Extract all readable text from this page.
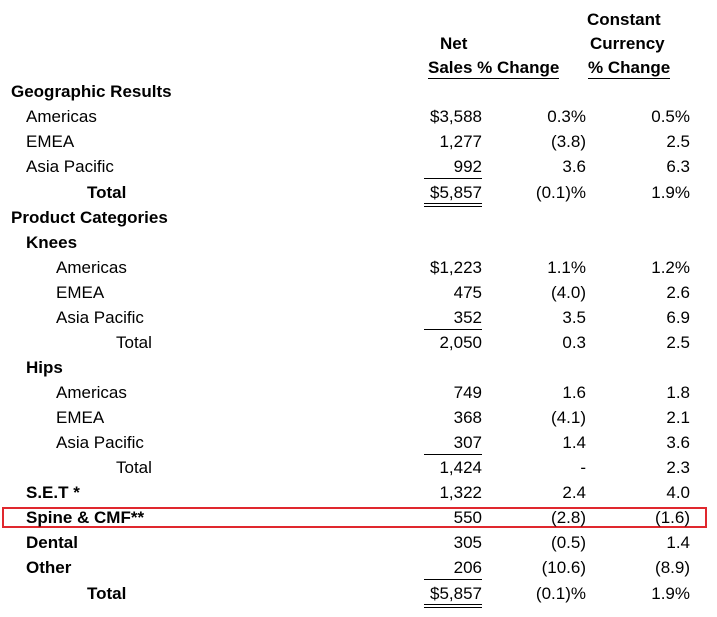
Net
Sales % Change
Constant
Currency
% Change
Geographic Results
Americas	$3,588	0.3%	0.5%
EMEA	1,277	(3.8)	2.5
Asia Pacific	992	3.6	6.3
Total	$5,857	(0.1)%	1.9%
Product Categories
Knees
Americas	$1,223	1.1%	1.2%
EMEA	475	(4.0)	2.6
Asia Pacific	352	3.5	6.9
Total	2,050	0.3	2.5
Hips
Americas	749	1.6	1.8
EMEA	368	(4.1)	2.1
Asia Pacific	307	1.4	3.6
Total	1,424	-	2.3
S.E.T *	1,322	2.4	4.0
Spine & CMF**	550	(2.8)	(1.6)
Dental	305	(0.5)	1.4
Other	206	(10.6)	(8.9)
Total	$5,857	(0.1)%	1.9%
